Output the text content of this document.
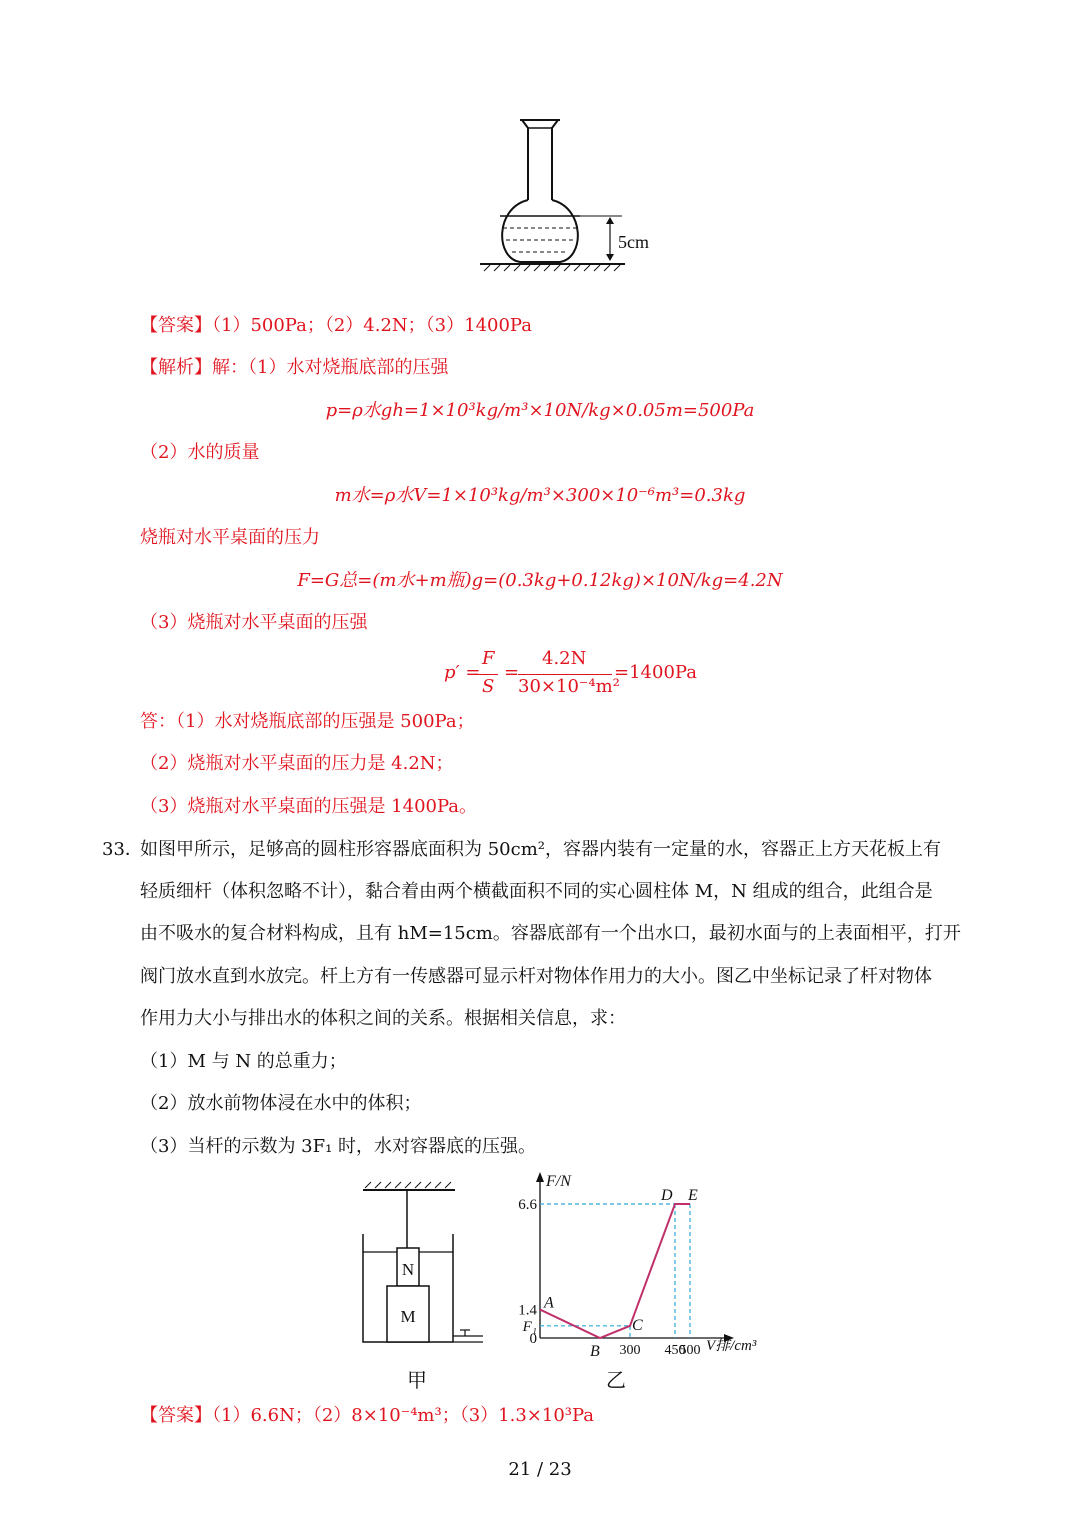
5cm
【答案】（1）500Pa；（2）4.2N；（3）1400Pa
【解析】解：（1）水对烧瓶底部的压强
p=ρ水gh=1×10³kg/m³×10N/kg×0.05m=500Pa
（2）水的质量
m水=ρ水V=1×10³kg/m³×300×10⁻⁶m³=0.3kg
烧瓶对水平桌面的压力
F=G总=(m水+m瓶)g=(0.3kg+0.12kg)×10N/kg=4.2N
（3）烧瓶对水平桌面的压强
p′ =
F
S
=
4.2N
30×10⁻⁴m²
=1400Pa
答：（1）水对烧瓶底部的压强是 500Pa；
（2）烧瓶对水平桌面的压力是 4.2N；
（3）烧瓶对水平桌面的压强是 1400Pa。
33．
如图甲所示，足够高的圆柱形容器底面积为 50cm²，容器内装有一定量的水，容器正上方天花板上有
轻质细杆（体积忽略不计），黏合着由两个横截面积不同的实心圆柱体 M，N 组成的组合，此组合是
由不吸水的复合材料构成，且有 hM=15cm。容器底部有一个出水口，最初水面与的上表面相平，打开
阀门放水直到水放完。杆上方有一传感器可显示杆对物体作用力的大小。图乙中坐标记录了杆对物体
作用力大小与排出水的体积之间的关系。根据相关信息，求：
（1）M 与 N 的总重力；
（2）放水前物体浸在水中的体积；
（3）当杆的示数为 3F₁ 时，水对容器底的压强。
N
M
甲
6.6
1.4
F₁
0
300 450
500
A
B
C
D E
F/N
V排/cm³
乙
【答案】（1）6.6N；（2）8×10⁻⁴m³；（3）1.3×10³Pa
21 / 23
